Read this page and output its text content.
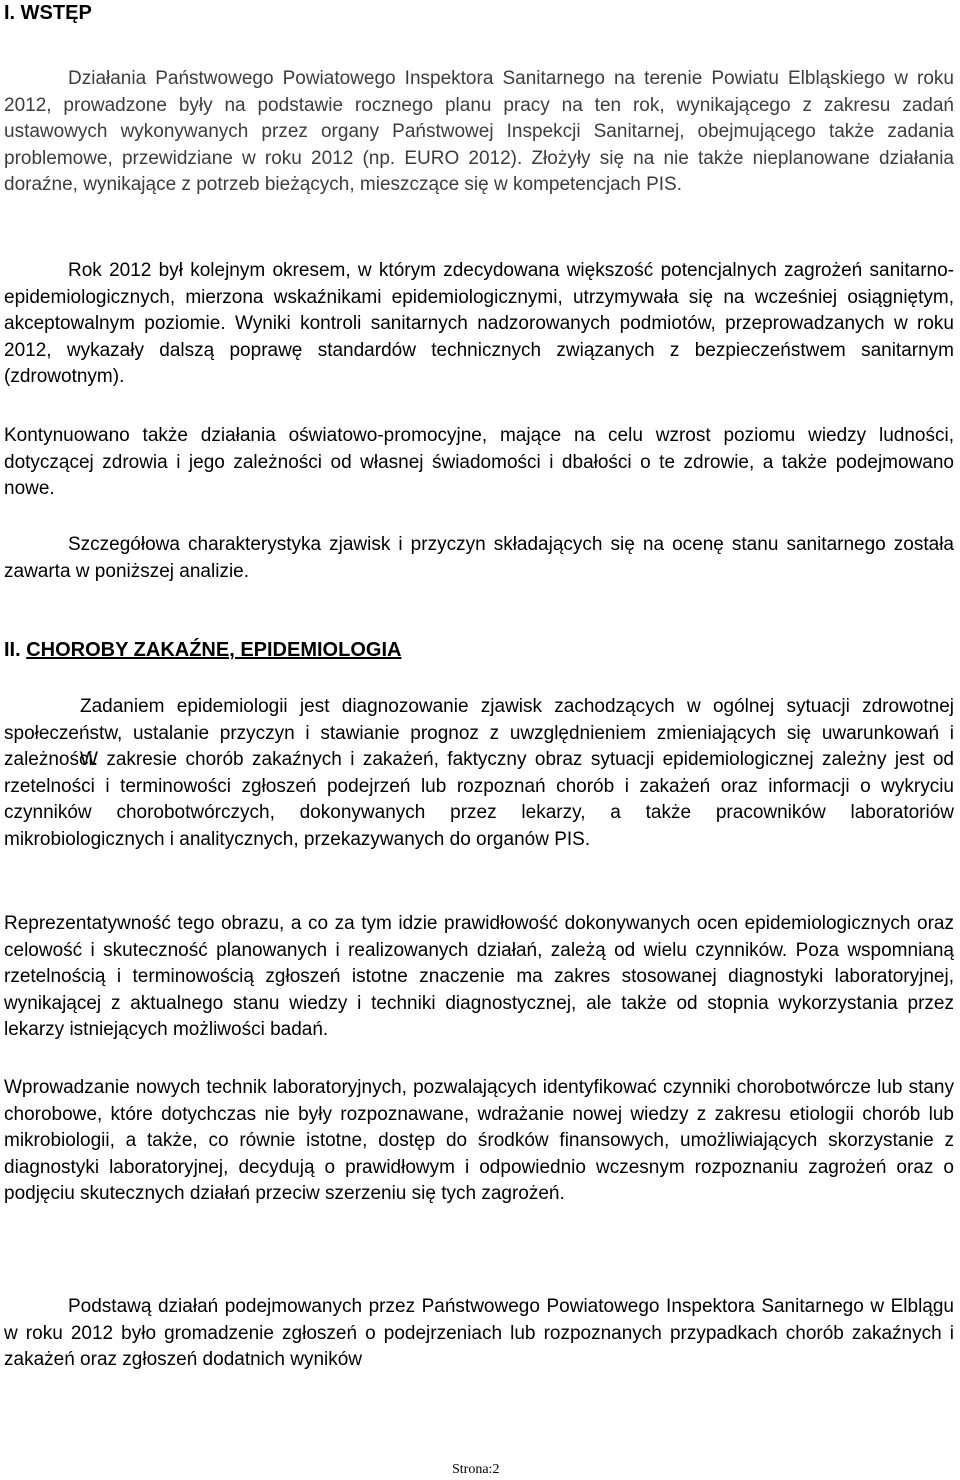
I. WSTĘP

Działania Państwowego Powiatowego Inspektora Sanitarnego na terenie Powiatu Elbląskiego w roku 2012, prowadzone były na podstawie rocznego planu pracy na ten rok, wynikającego z zakresu zadań ustawowych wykonywanych przez organy Państwowej Inspekcji Sanitarnej, obejmującego także zadania problemowe, przewidziane w roku 2012 (np. EURO 2012). Złożyły się na nie także nieplanowane działania doraźne, wynikające z potrzeb bieżących, mieszczące się w kompetencjach PIS.

Rok 2012 był kolejnym okresem, w którym zdecydowana większość potencjalnych zagrożeń sanitarno-epidemiologicznych, mierzona wskaźnikami epidemiologicznymi, utrzymywała się na wcześniej osiągniętym, akceptowalnym poziomie. Wyniki kontroli sanitarnych nadzorowanych podmiotów, przeprowadzanych w roku 2012, wykazały dalszą poprawę standardów technicznych związanych z bezpieczeństwem sanitarnym (zdrowotnym).

Kontynuowano także działania oświatowo-promocyjne, mające na celu wzrost poziomu wiedzy ludności, dotyczącej zdrowia i jego zależności od własnej świadomości i dbałości o te zdrowie, a także podejmowano nowe.

Szczegółowa charakterystyka zjawisk i przyczyn składających się na ocenę stanu sanitarnego została zawarta w poniższej analizie.

II. CHOROBY ZAKAŹNE, EPIDEMIOLOGIA

Zadaniem epidemiologii jest diagnozowanie zjawisk zachodzących w ogólnej sytuacji zdrowotnej społeczeństw, ustalanie przyczyn i stawianie prognoz z uwzględnieniem zmieniających się uwarunkowań i zależności.

W zakresie chorób zakaźnych i zakażeń, faktyczny obraz sytuacji epidemiologicznej zależny jest od rzetelności i terminowości zgłoszeń podejrzeń lub rozpoznań chorób i zakażeń oraz informacji o wykryciu czynników chorobotwórczych, dokonywanych przez lekarzy, a także pracowników laboratoriów mikrobiologicznych i analitycznych, przekazywanych do organów PIS.

Reprezentatywność tego obrazu, a co za tym idzie prawidłowość dokonywanych ocen epidemiologicznych oraz celowość i skuteczność planowanych i realizowanych działań, zależą od wielu czynników. Poza wspomnianą rzetelnością i terminowością zgłoszeń istotne znaczenie ma zakres stosowanej diagnostyki laboratoryjnej, wynikającej z aktualnego stanu wiedzy i techniki diagnostycznej, ale także od stopnia wykorzystania przez lekarzy istniejących możliwości badań.

Wprowadzanie nowych technik laboratoryjnych, pozwalających identyfikować czynniki chorobotwórcze lub stany chorobowe, które dotychczas nie były rozpoznawane, wdrażanie nowej wiedzy z zakresu etiologii chorób lub mikrobiologii, a także, co równie istotne, dostęp do środków finansowych, umożliwiających skorzystanie z diagnostyki laboratoryjnej, decydują o prawidłowym i odpowiednio wczesnym rozpoznaniu zagrożeń oraz o podjęciu skutecznych działań przeciw szerzeniu się tych zagrożeń.

Podstawą działań podejmowanych przez Państwowego Powiatowego Inspektora Sanitarnego w Elblągu w roku 2012 było gromadzenie zgłoszeń o podejrzeniach lub rozpoznanych przypadkach chorób zakaźnych i zakażeń oraz zgłoszeń dodatnich wyników

Strona:2
